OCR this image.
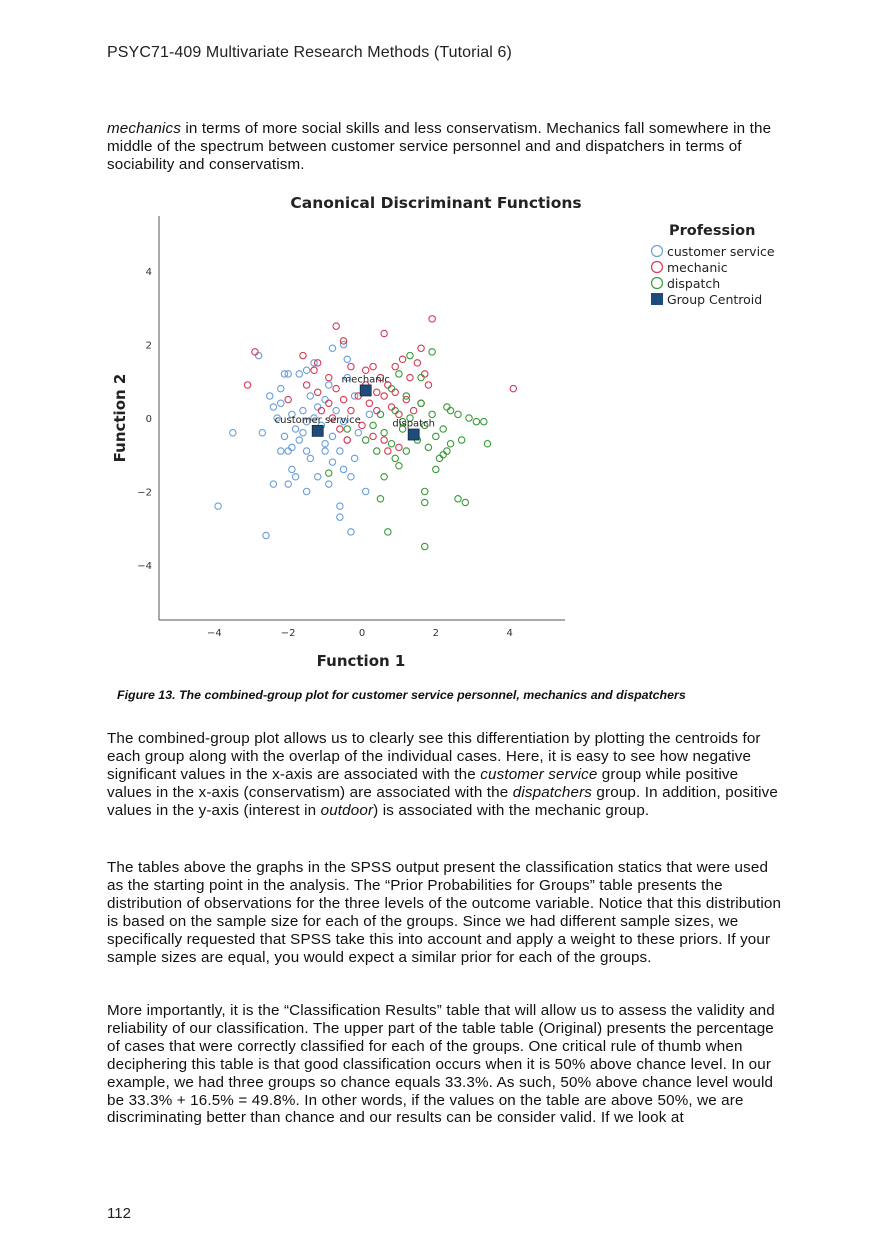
PSYC71-409 Multivariate Research Methods (Tutorial 6)
mechanics in terms of more social skills and less conservatism. Mechanics fall somewhere in the middle of the spectrum between customer service personnel and and dispatchers in terms of sociability and conservatism.
Canonical Discriminant Functions
4
2
0
−2
−4
−4	−2	0	2	4
Function 2
Function 1
customer service
mechanic
dispatch
Profession
customer service
mechanic
dispatch
Group Centroid
Figure 13. The combined-group plot for customer service personnel, mechanics and dispatchers
The combined-group plot allows us to clearly see this differentiation by plotting the centroids for each group along with the overlap of the individual cases. Here, it is easy to see how negative significant values in the x-axis are associated with the customer service group while positive values in the x-axis (conservatism) are associated with the dispatchers group. In addition, positive values in the y-axis (interest in outdoor) is associated with the mechanic group.
The tables above the graphs in the SPSS output present the classification statics that were used as the starting point in the analysis. The “Prior Probabilities for Groups” table presents the distribution of observations for the three levels of the outcome variable. Notice that this distribution is based on the sample size for each of the groups. Since we had different sample sizes, we specifically requested that SPSS take this into account and apply a weight to these priors. If your sample sizes are equal, you would expect a similar prior for each of the groups.
More importantly, it is the “Classification Results” table that will allow us to assess the validity and reliability of our classification. The upper part of the table table (Original) presents the percentage of cases that were correctly classified for each of the groups. One critical rule of thumb when deciphering this table is that good classification occurs when it is 50% above chance level. In our example, we had three groups so chance equals 33.3%. As such, 50% above chance level would be 33.3% + 16.5% = 49.8%. In other words, if the values on the table are above 50%, we are discriminating better than chance and our results can be consider valid. If we look at
112
